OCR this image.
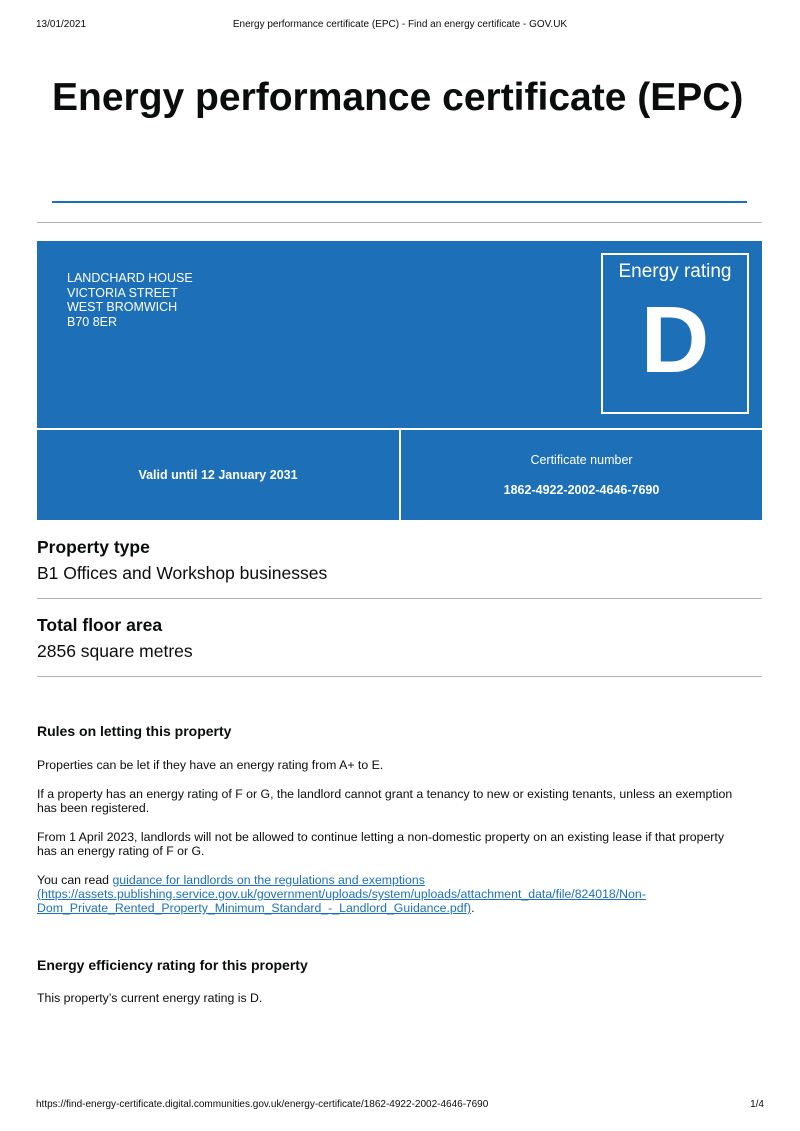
13/01/2021	Energy performance certificate (EPC) - Find an energy certificate - GOV.UK
Energy performance certificate (EPC)
LANDCHARD HOUSE
VICTORIA STREET
WEST BROMWICH
B70 8ER
Energy rating
D
Valid until 12 January 2031
Certificate number
1862-4922-2002-4646-7690
Property type

B1 Offices and Workshop businesses

Total floor area

2856 square metres

Rules on letting this property

Properties can be let if they have an energy rating from A+ to E.

If a property has an energy rating of F or G, the landlord cannot grant a tenancy to new or existing tenants, unless an exemption has been registered.

From 1 April 2023, landlords will not be allowed to continue letting a non-domestic property on an existing lease if that property has an energy rating of F or G.

You can read guidance for landlords on the regulations and exemptions (https://assets.publishing.service.gov.uk/government/uploads/system/uploads/attachment_data/file/824018/Non-Dom_Private_Rented_Property_Minimum_Standard_-_Landlord_Guidance.pdf).

Energy efficiency rating for this property

This property’s current energy rating is D.

https://find-energy-certificate.digital.communities.gov.uk/energy-certificate/1862-4922-2002-4646-7690	1/4
